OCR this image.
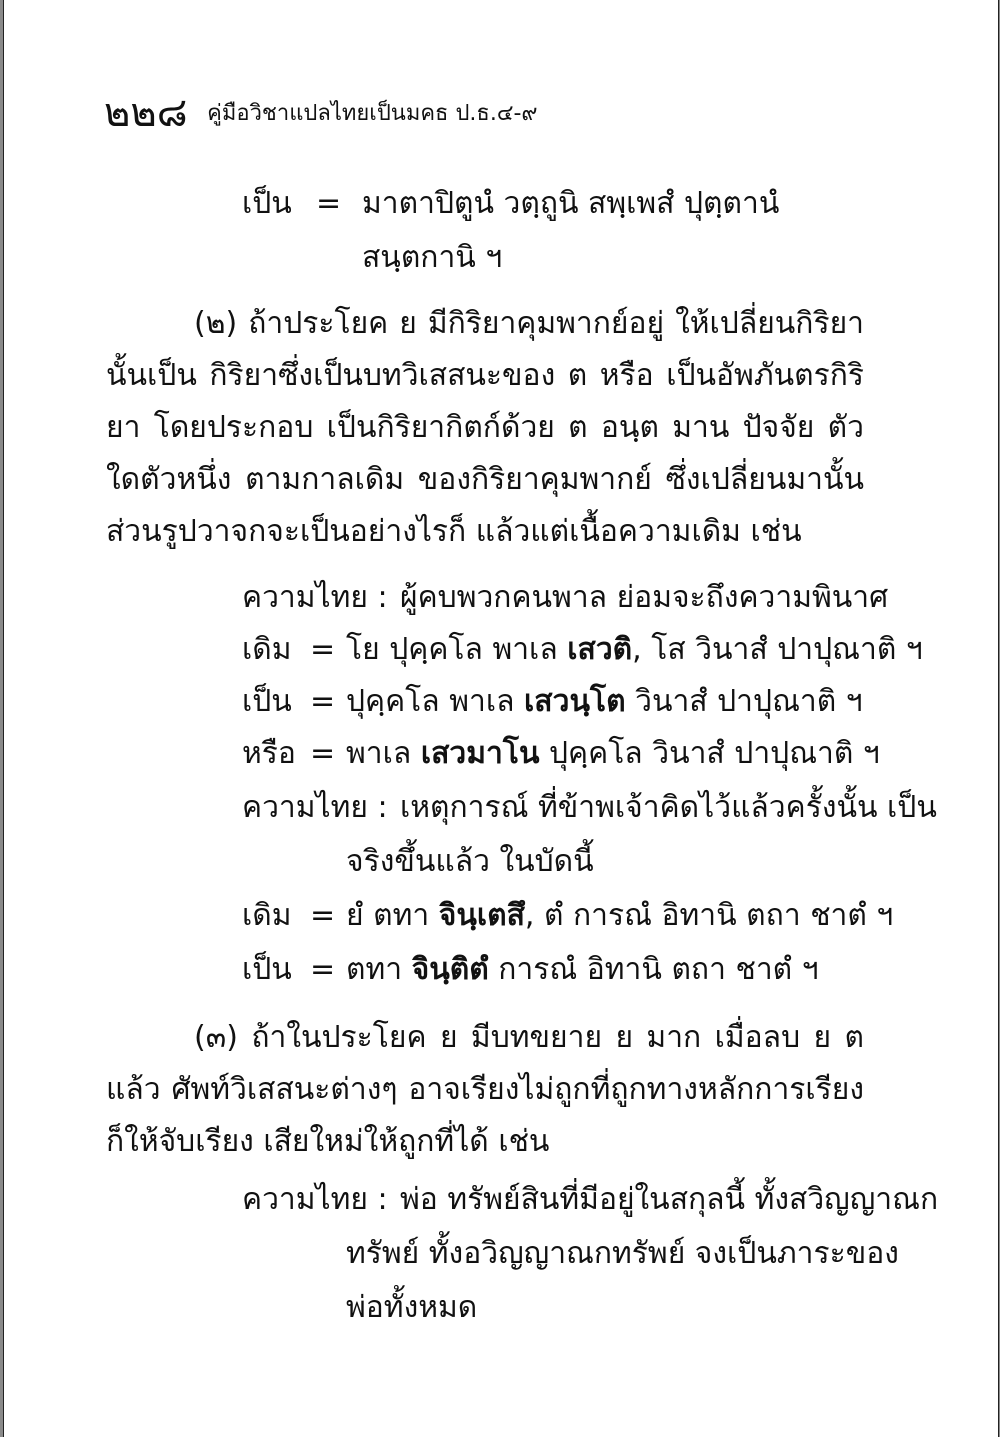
๒๒๘ คู่มือวิชาแปลไทยเป็นมคธ ป.ธ.๔-๙
เป็น = มาตาปิตูนํ วตฺถูนิ สพฺเพสํ ปุตฺตานํ
สนฺตกานิ ฯ
(๒) ถ้าประโยค ย มีกิริยาคุมพากย์อยู่ ให้เปลี่ยนกิริยานั้นเป็น กิริยาซึ่งเป็นบทวิเสสนะของ ต หรือ เป็นอัพภันตรกิริยา โดยประกอบ เป็นกิริยากิตก์ด้วย ต อนฺต มาน ปัจจัย ตัวใดตัวหนึ่ง ตามกาลเดิม ของกิริยาคุมพากย์ ซึ่งเปลี่ยนมานั้น ส่วนรูปวาจกจะเป็นอย่างไรก็ แล้วแต่เนื้อความเดิม เช่น
ความไทย : ผู้คบพวกคนพาล ย่อมจะถึงความพินาศ
เดิม = โย ปุคฺคโล พาเล เสวติ, โส วินาสํ ปาปุณาติ ฯ
เป็น = ปุคฺคโล พาเล เสวนฺโต วินาสํ ปาปุณาติ ฯ
หรือ = พาเล เสวมาโน ปุคฺคโล วินาสํ ปาปุณาติ ฯ
ความไทย : เหตุการณ์ ที่ข้าพเจ้าคิดไว้แล้วครั้งนั้น เป็น
จริงขึ้นแล้ว ในบัดนี้
เดิม = ยํ ตทา จินฺเตสึ, ตํ การณํ อิทานิ ตถา ชาตํ ฯ
เป็น = ตทา จินฺติตํ การณํ อิทานิ ตถา ชาตํ ฯ
(๓) ถ้าในประโยค ย มีบทขยาย ย มาก เมื่อลบ ย ต แล้ว ศัพท์วิเสสนะต่างๆ อาจเรียงไม่ถูกที่ถูกทางหลักการเรียง ก็ให้จับเรียง เสียใหม่ให้ถูกที่ได้ เช่น
ความไทย : พ่อ ทรัพย์สินที่มีอยู่ในสกุลนี้ ทั้งสวิญญาณก
ทรัพย์ ทั้งอวิญญาณกทรัพย์ จงเป็นภาระของ
พ่อทั้งหมด
